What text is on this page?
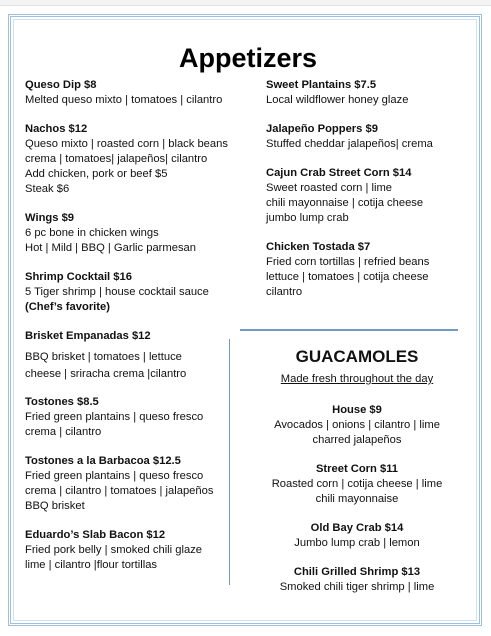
Appetizers
Queso Dip $8
Melted queso mixto | tomatoes | cilantro
Nachos $12
Queso mixto | roasted corn | black beans
crema | tomatoes| jalapeños| cilantro
Add chicken, pork or beef $5
Steak $6
Wings $9
6 pc bone in chicken wings
Hot | Mild | BBQ | Garlic parmesan
Shrimp Cocktail $16
5 Tiger shrimp | house cocktail sauce
(Chef’s favorite)
Brisket Empanadas $12
BBQ brisket | tomatoes | lettuce
cheese | sriracha crema |cilantro
Tostones $8.5
Fried green plantains | queso fresco
crema | cilantro
Tostones a la Barbacoa $12.5
Fried green plantains | queso fresco
crema | cilantro | tomatoes | jalapeños
BBQ brisket
Eduardo’s Slab Bacon $12
Fried pork belly | smoked chili glaze
lime | cilantro |flour tortillas
Sweet Plantains $7.5
Local wildflower honey glaze
Jalapeño Poppers $9
Stuffed cheddar jalapeños| crema
Cajun Crab Street Corn $14
Sweet roasted corn | lime
chili mayonnaise | cotija cheese
jumbo lump crab
Chicken Tostada $7
Fried corn tortillas | refried beans
lettuce | tomatoes | cotija cheese
cilantro
GUACAMOLES
Made fresh throughout the day
House $9
Avocados | onions | cilantro | lime
charred jalapeños
Street Corn $11
Roasted corn | cotija cheese | lime
chili mayonnaise
Old Bay Crab $14
Jumbo lump crab | lemon
Chili Grilled Shrimp $13
Smoked chili tiger shrimp | lime
